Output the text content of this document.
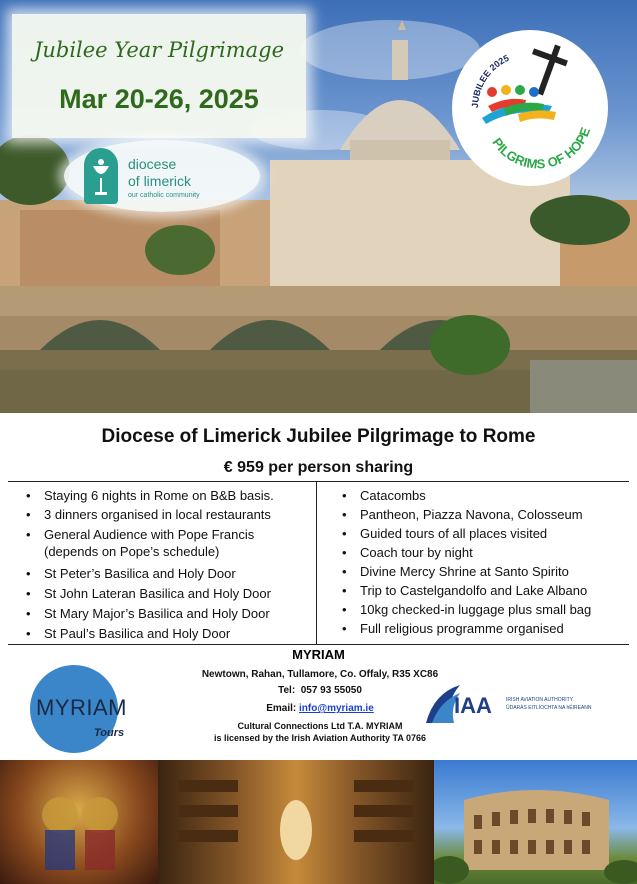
Jubilee Year Pilgrimage
Mar 20-26, 2025
diocese
of limerick
our catholic community
JUBILEE 2025
PILGRIMS OF HOPE
Diocese of Limerick Jubilee Pilgrimage to Rome
€ 959 per person sharing
• Staying 6 nights in Rome on B&B basis.
• 3 dinners organised in local restaurants
• General Audience with Pope Francis (depends on Pope’s schedule)
• St Peter’s Basilica and Holy Door
• St John Lateran Basilica and Holy Door
• St Mary Major’s Basilica and Holy Door
• St Paul’s Basilica and Holy Door
• Catacombs
• Pantheon, Piazza Navona, Colosseum
• Guided tours of all places visited
• Coach tour by night
• Divine Mercy Shrine at Santo Spirito
• Trip to Castelgandolfo and Lake Albano
• 10kg checked-in luggage plus small bag
• Full religious programme organised
MYRIAM
Newtown, Rahan, Tullamore, Co. Offaly, R35 XC86
Tel: 057 93 55050
Email: info@myriam.ie
Cultural Connections Ltd T.A. MYRIAM
is licensed by the Irish Aviation Authority TA 0766
MYRIAM
Tours
IAA	IRISH AVIATION AUTHORITY
ÚDARÁS EITLÍOCHTA NA hÉIREANN
